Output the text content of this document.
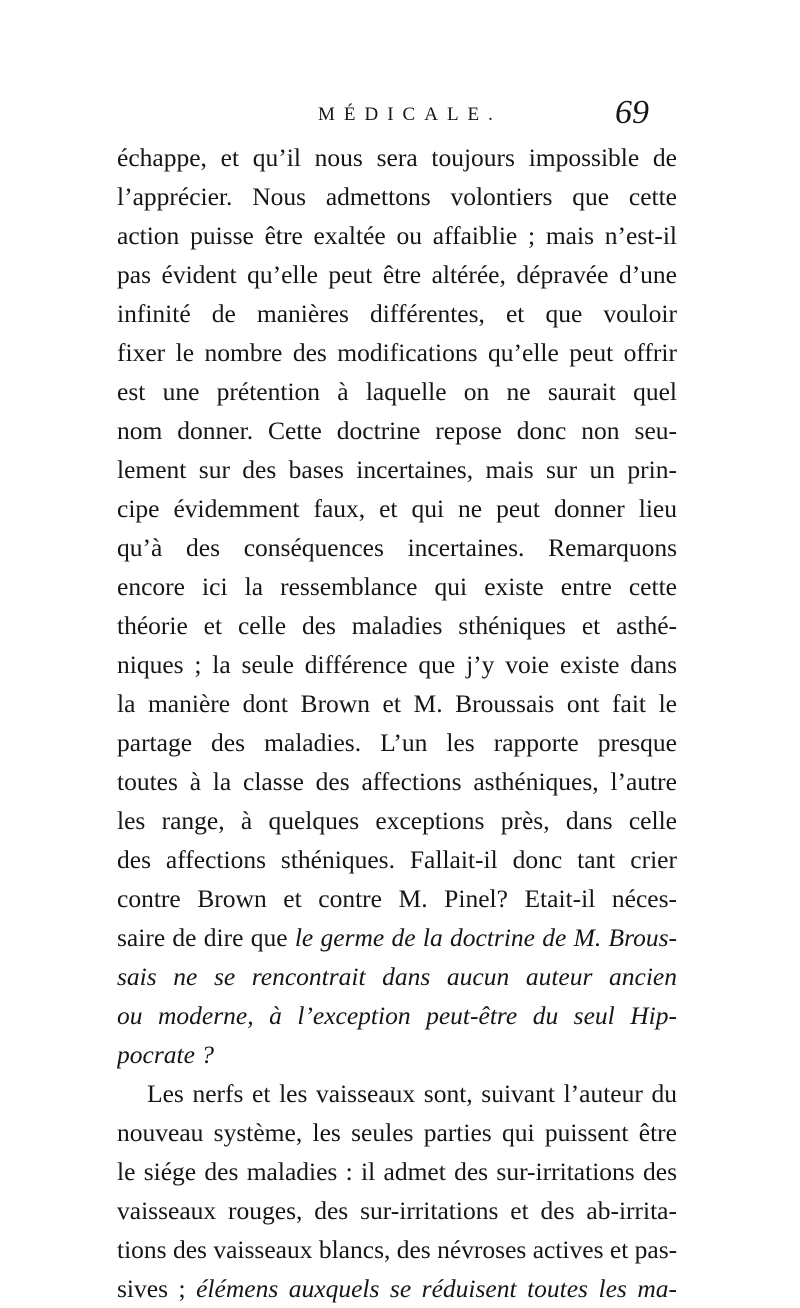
MÉDICALE.	69
échappe, et qu’il nous sera toujours impossible de
l’apprécier. Nous admettons volontiers que cette
action puisse être exaltée ou affaiblie ; mais n’est-il
pas évident qu’elle peut être altérée, dépravée d’une
infinité de manières différentes, et que vouloir
fixer le nombre des modifications qu’elle peut offrir
est une prétention à laquelle on ne saurait quel
nom donner. Cette doctrine repose donc non seu-
lement sur des bases incertaines, mais sur un prin-
cipe évidemment faux, et qui ne peut donner lieu
qu’à des conséquences incertaines. Remarquons
encore ici la ressemblance qui existe entre cette
théorie et celle des maladies sthéniques et asthé-
niques ; la seule différence que j’y voie existe dans
la manière dont Brown et M. Broussais ont fait le
partage des maladies. L’un les rapporte presque
toutes à la classe des affections asthéniques, l’autre
les range, à quelques exceptions près, dans celle
des affections sthéniques. Fallait-il donc tant crier
contre Brown et contre M. Pinel? Etait-il néces-
saire de dire que le germe de la doctrine de M. Brous-
sais ne se rencontrait dans aucun auteur ancien
ou moderne, à l’exception peut-être du seul Hip-
pocrate ?
Les nerfs et les vaisseaux sont, suivant l’auteur du
nouveau système, les seules parties qui puissent être
le siége des maladies : il admet des sur-irritations des
vaisseaux rouges, des sur-irritations et des ab-irrita-
tions des vaisseaux blancs, des névroses actives et pas-
sives ; élémens auxquels se réduisent toutes les ma-
